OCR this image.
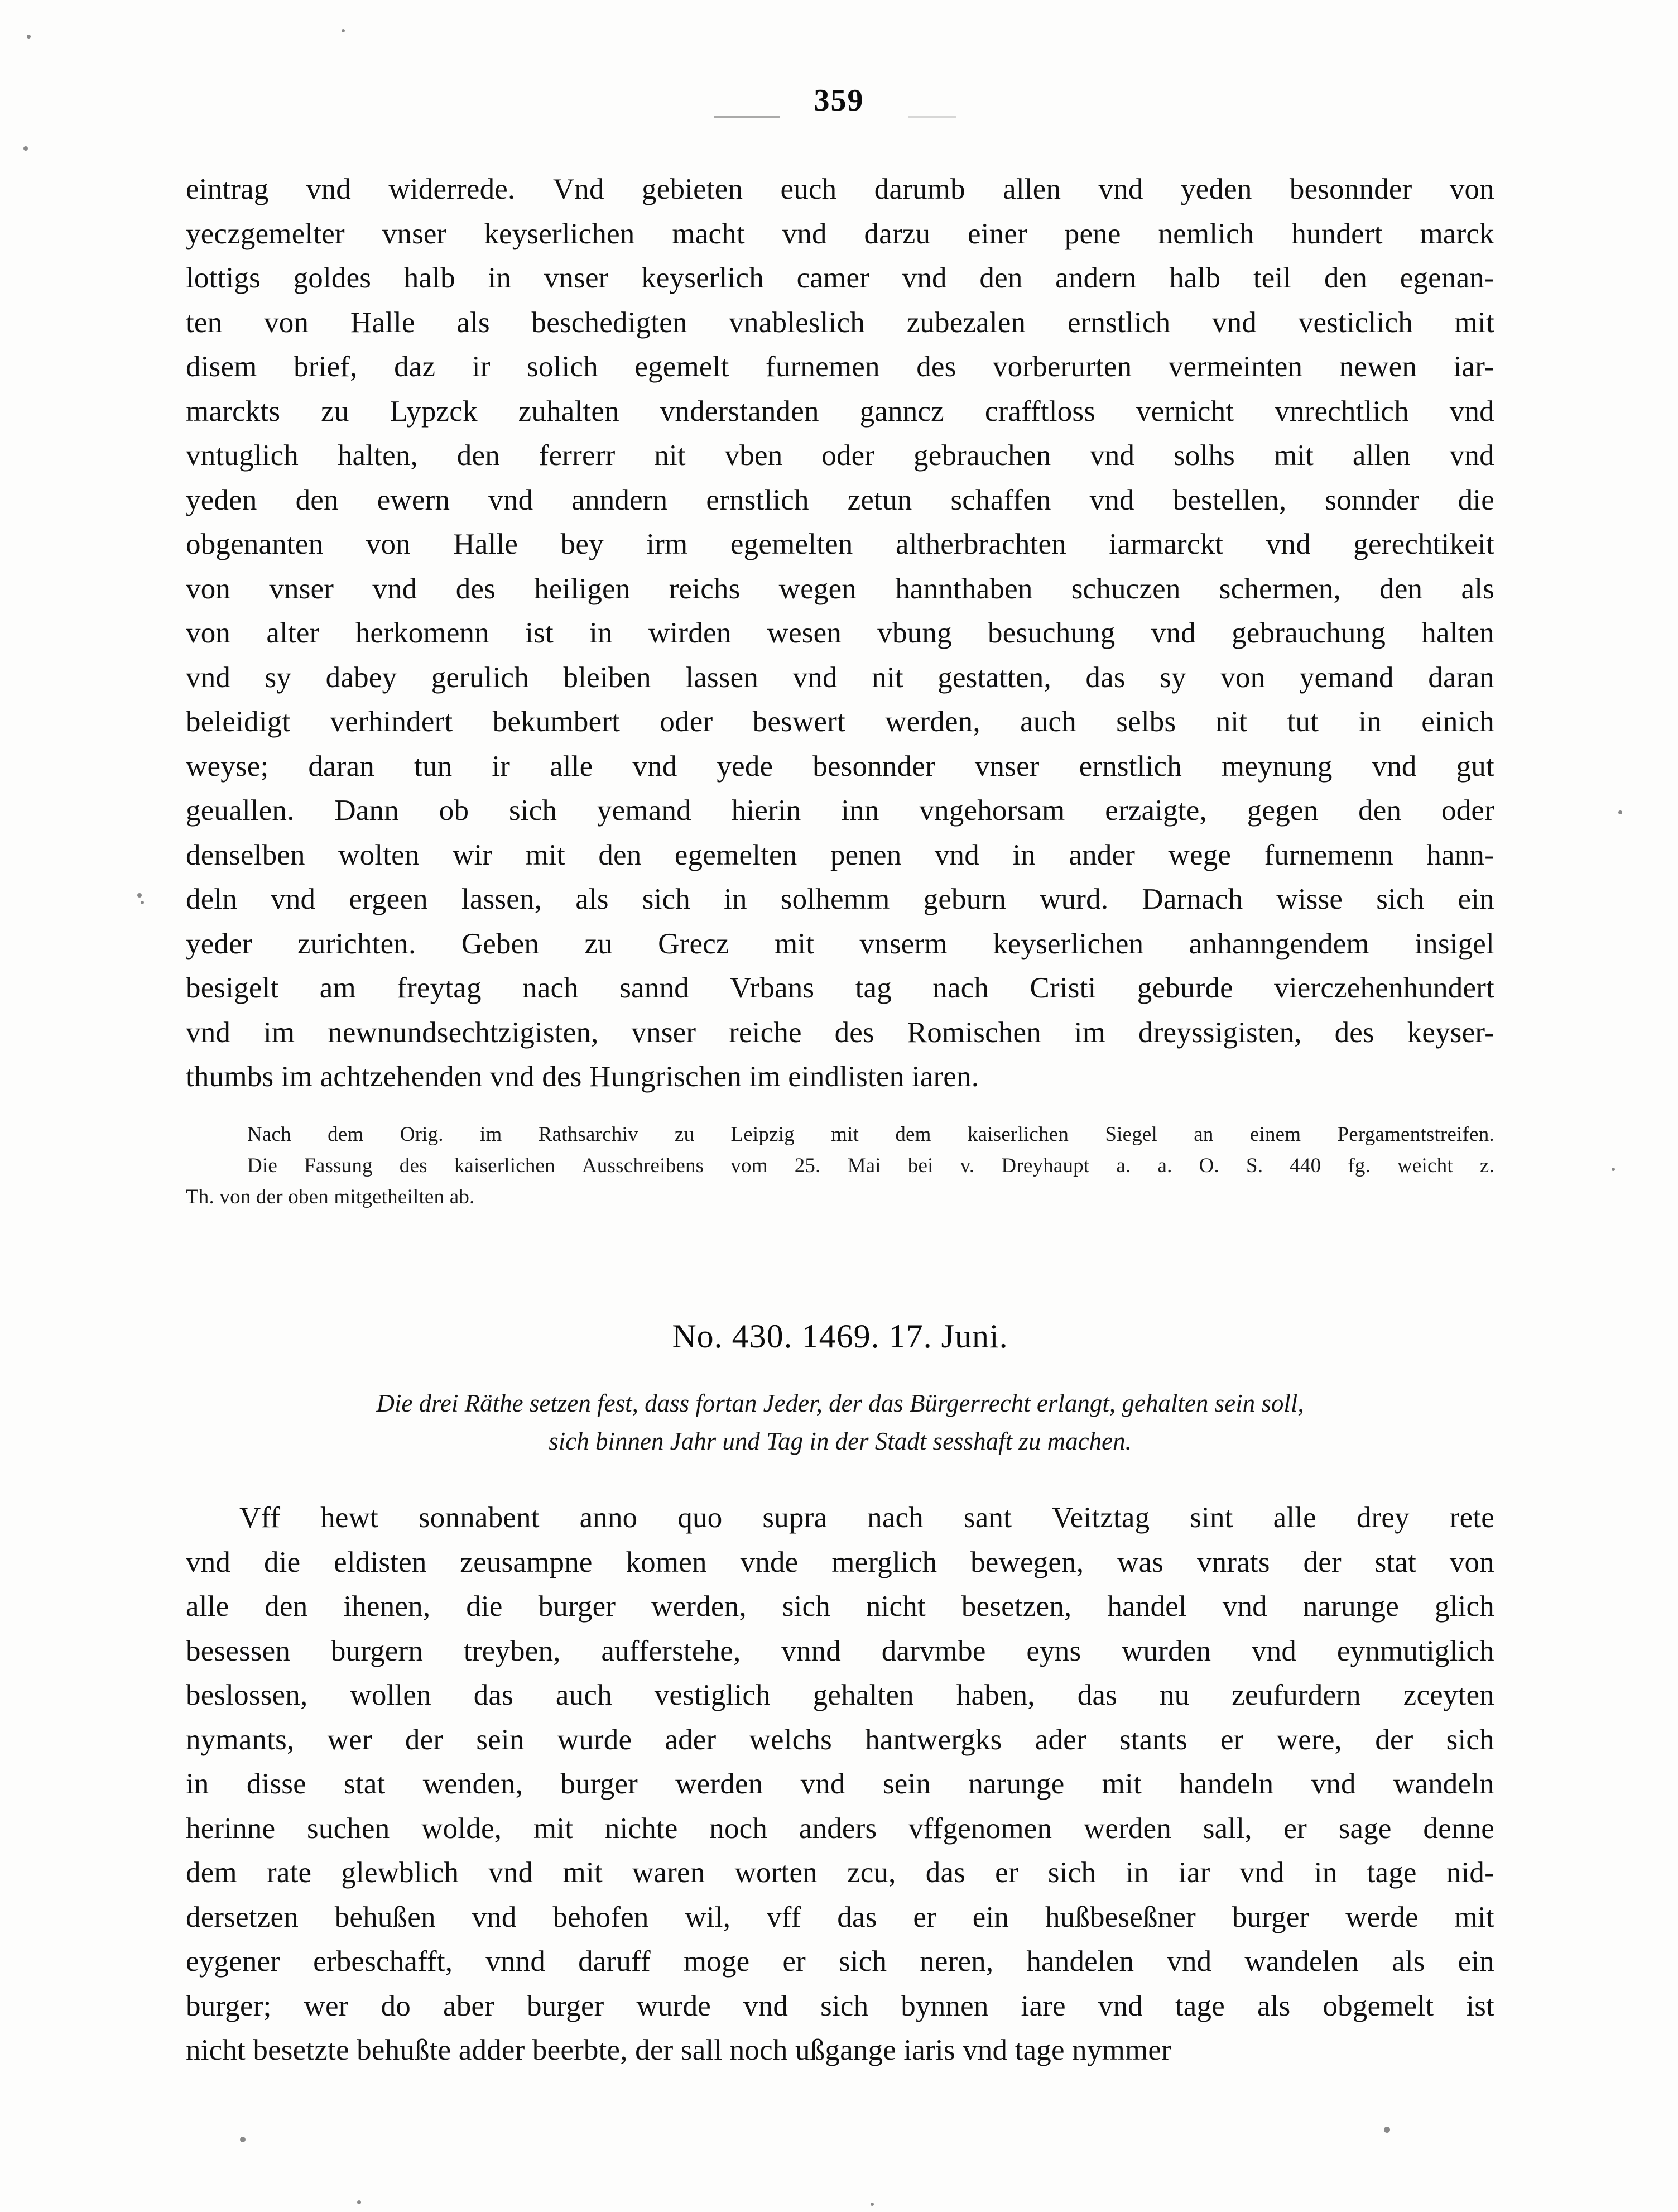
359
eintrag vnd widerrede. Vnd gebieten euch darumb allen vnd yeden besonnder von
yeczgemelter vnser keyserlichen macht vnd darzu einer pene nemlich hundert marck
lottigs goldes halb in vnser keyserlich camer vnd den andern halb teil den egenan-
ten von Halle als beschedigten vnableslich zubezalen ernstlich vnd vesticlich mit
disem brief, daz ir solich egemelt furnemen des vorberurten vermeinten newen iar-
marckts zu Lypzck zuhalten vnderstanden ganncz crafftloss vernicht vnrechtlich vnd
vntuglich halten, den ferrerr nit vben oder gebrauchen vnd solhs mit allen vnd
yeden den ewern vnd anndern ernstlich zetun schaffen vnd bestellen, sonnder die
obgenanten von Halle bey irm egemelten altherbrachten iarmarckt vnd gerechtikeit
von vnser vnd des heiligen reichs wegen hannthaben schuczen schermen, den als
von alter herkomenn ist in wirden wesen vbung besuchung vnd gebrauchung halten
vnd sy dabey gerulich bleiben lassen vnd nit gestatten, das sy von yemand daran
beleidigt verhindert bekumbert oder beswert werden, auch selbs nit tut in einich
weyse; daran tun ir alle vnd yede besonnder vnser ernstlich meynung vnd gut
geuallen. Dann ob sich yemand hierin inn vngehorsam erzaigte, gegen den oder
denselben wolten wir mit den egemelten penen vnd in ander wege furnemenn hann-
deln vnd ergeen lassen, als sich in solhemm geburn wurd. Darnach wisse sich ein
yeder zurichten. Geben zu Grecz mit vnserm keyserlichen anhanngendem insigel
besigelt am freytag nach sannd Vrbans tag nach Cristi geburde vierczehenhundert
vnd im newnundsechtzigisten, vnser reiche des Romischen im dreyssigisten, des keyser-
thumbs im achtzehenden vnd des Hungrischen im eindlisten iaren.
Nach dem Orig. im Rathsarchiv zu Leipzig mit dem kaiserlichen Siegel an einem Pergamentstreifen.
Die Fassung des kaiserlichen Ausschreibens vom 25. Mai bei v. Dreyhaupt a. a. O. S. 440 fg. weicht z.
Th. von der oben mitgetheilten ab.
No. 430. 1469. 17. Juni.
Die drei Räthe setzen fest, dass fortan Jeder, der das Bürgerrecht erlangt, gehalten sein soll,
sich binnen Jahr und Tag in der Stadt sesshaft zu machen.
Vff hewt sonnabent anno quo supra nach sant Veitztag sint alle drey rete
vnd die eldisten zeusampne komen vnde merglich bewegen, was vnrats der stat von
alle den ihenen, die burger werden, sich nicht besetzen, handel vnd narunge glich
besessen burgern treyben, aufferstehe, vnnd darvmbe eyns wurden vnd eynmutiglich
beslossen, wollen das auch vestiglich gehalten haben, das nu zeufurdern zceyten
nymants, wer der sein wurde ader welchs hantwergks ader stants er were, der sich
in disse stat wenden, burger werden vnd sein narunge mit handeln vnd wandeln
herinne suchen wolde, mit nichte noch anders vffgenomen werden sall, er sage denne
dem rate glewblich vnd mit waren worten zcu, das er sich in iar vnd in tage nid-
dersetzen behußen vnd behofen wil, vff das er ein hußbeseßner burger werde mit
eygener erbeschafft, vnnd daruff moge er sich neren, handelen vnd wandelen als ein
burger; wer do aber burger wurde vnd sich bynnen iare vnd tage als obgemelt ist
nicht besetzte behußte adder beerbte, der sall noch ußgange iaris vnd tage nymmer
